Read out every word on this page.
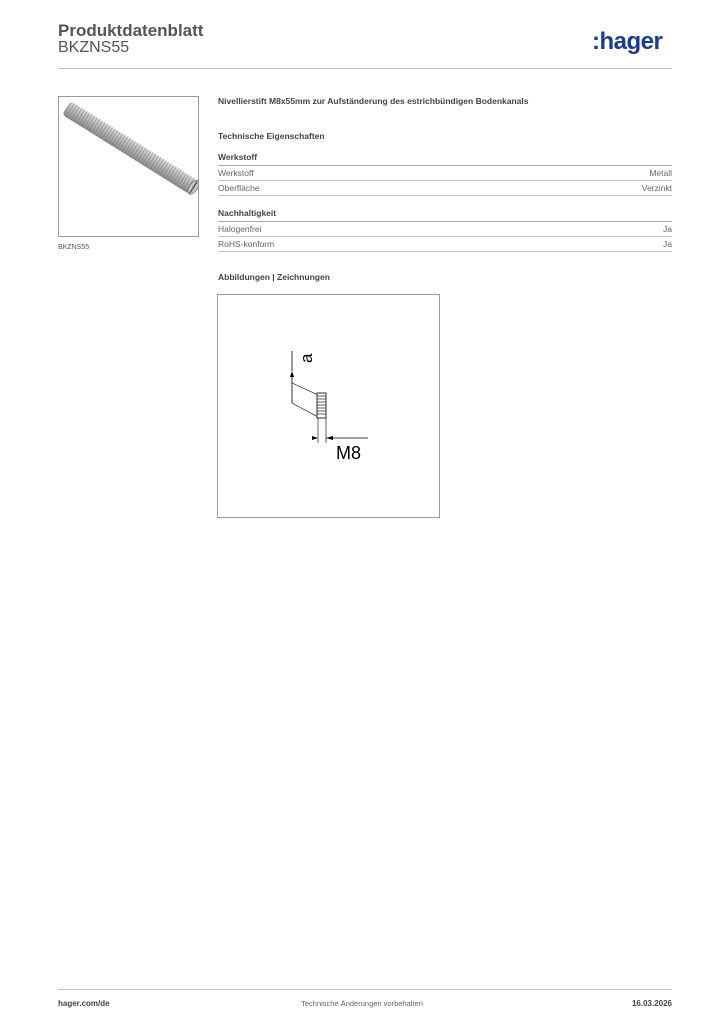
Produktdatenblatt
BKZNS55	:hager
BKZNS55

Nivellierstift M8x55mm zur Aufständerung des estrichbündigen Bodenkanals

Technische Eigenschaften
Werkstoff
Werkstoff	Metall
Oberfläche	Verzinkt
Nachhaltigkeit
Halogenfrei	Ja
RoHS-konform	Ja
Abbildungen | Zeichnungen
a
M8
hager.com/de	Technische Änderungen vorbehalten	16.03.2026
